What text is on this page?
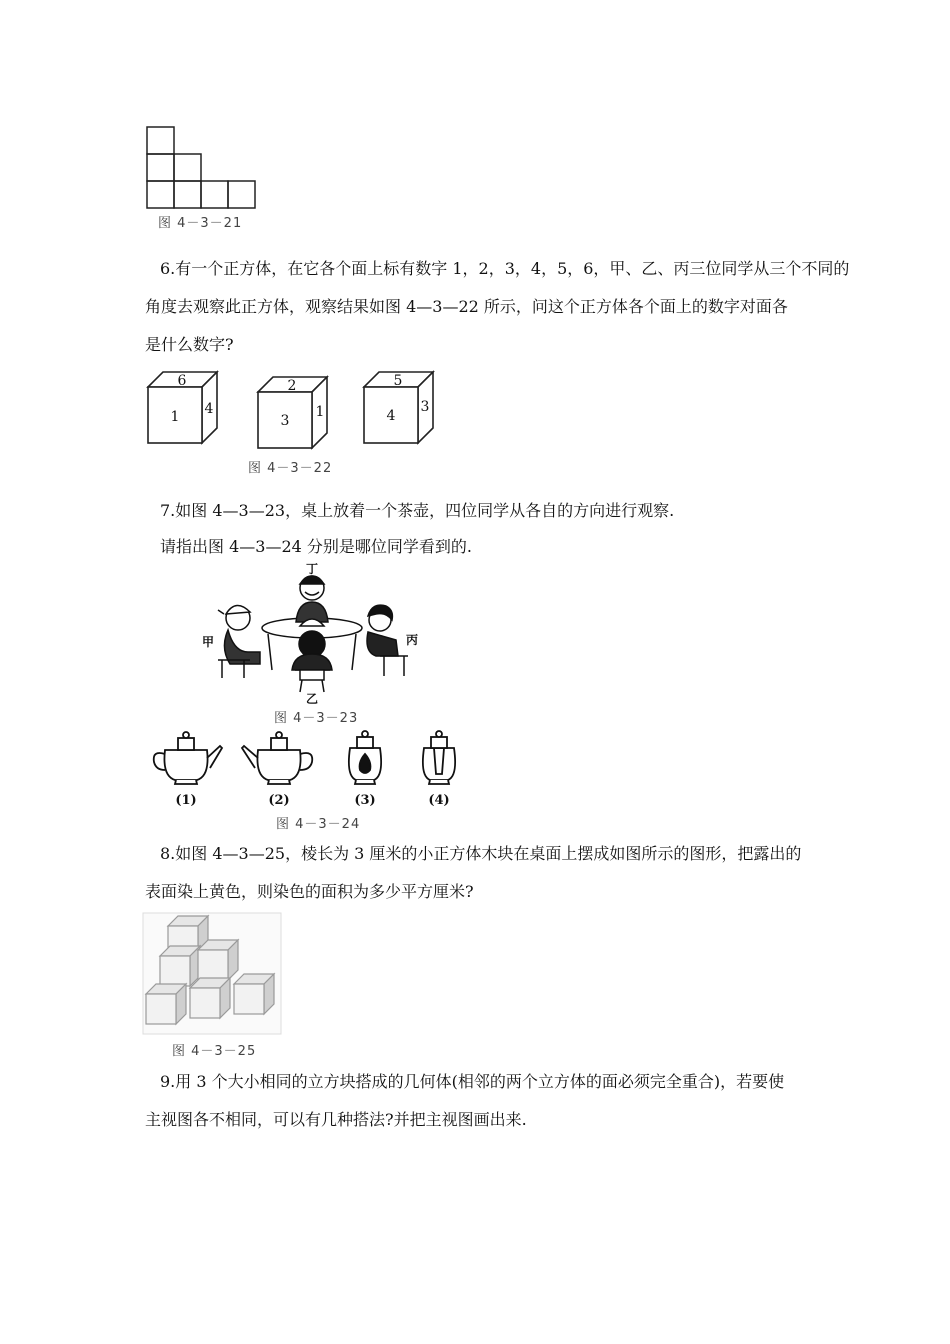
图 4－3－21
6.有一个正方体，在它各个面上标有数字 1，2，3，4，5，6，甲、乙、丙三位同学从三个不同的
角度去观察此正方体，观察结果如图 4—3—22 所示，问这个正方体各个面上的数字对面各
是什么数字?
6
1 4
2
3
1
5
4
3
图 4－3－22
7.如图 4—3—23，桌上放着一个茶壶，四位同学从各自的方向进行观察.
请指出图 4—3—24 分别是哪位同学看到的.
丁
甲	丙
乙
图 4－3－23
(1)	(2)	(3)	(4)
图 4－3－24
8.如图 4—3—25，棱长为 3 厘米的小正方体木块在桌面上摆成如图所示的图形，把露出的
表面染上黄色，则染色的面积为多少平方厘米?
图 4－3－25
9.用 3 个大小相同的立方块搭成的几何体(相邻的两个立方体的面必须完全重合)，若要使
主视图各不相同，可以有几种搭法?并把主视图画出来.
